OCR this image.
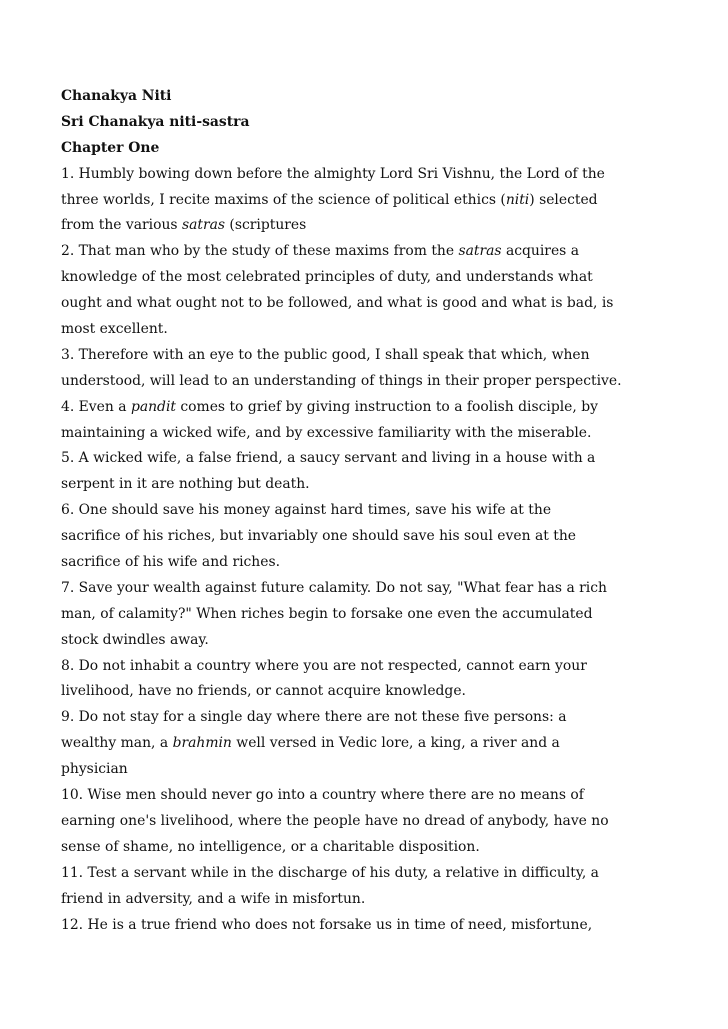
Chanakya Niti
Sri Chanakya niti-sastra
Chapter One
1. Humbly bowing down before the almighty Lord Sri Vishnu, the Lord of the
three worlds, I recite maxims of the science of political ethics (niti) selected
from the various satras (scriptures
2. That man who by the study of these maxims from the satras acquires a
knowledge of the most celebrated principles of duty, and understands what
ought and what ought not to be followed, and what is good and what is bad, is
most excellent.
3. Therefore with an eye to the public good, I shall speak that which, when
understood, will lead to an understanding of things in their proper perspective.
4. Even a pandit comes to grief by giving instruction to a foolish disciple, by
maintaining a wicked wife, and by excessive familiarity with the miserable.
5. A wicked wife, a false friend, a saucy servant and living in a house with a
serpent in it are nothing but death.
6. One should save his money against hard times, save his wife at the
sacrifice of his riches, but invariably one should save his soul even at the
sacrifice of his wife and riches.
7. Save your wealth against future calamity. Do not say, "What fear has a rich
man, of calamity?" When riches begin to forsake one even the accumulated
stock dwindles away.
8. Do not inhabit a country where you are not respected, cannot earn your
livelihood, have no friends, or cannot acquire knowledge.
9. Do not stay for a single day where there are not these five persons: a
wealthy man, a brahmin well versed in Vedic lore, a king, a river and a
physician
10. Wise men should never go into a country where there are no means of
earning one's livelihood, where the people have no dread of anybody, have no
sense of shame, no intelligence, or a charitable disposition.
11. Test a servant while in the discharge of his duty, a relative in difficulty, a
friend in adversity, and a wife in misfortun.
12. He is a true friend who does not forsake us in time of need, misfortune,
